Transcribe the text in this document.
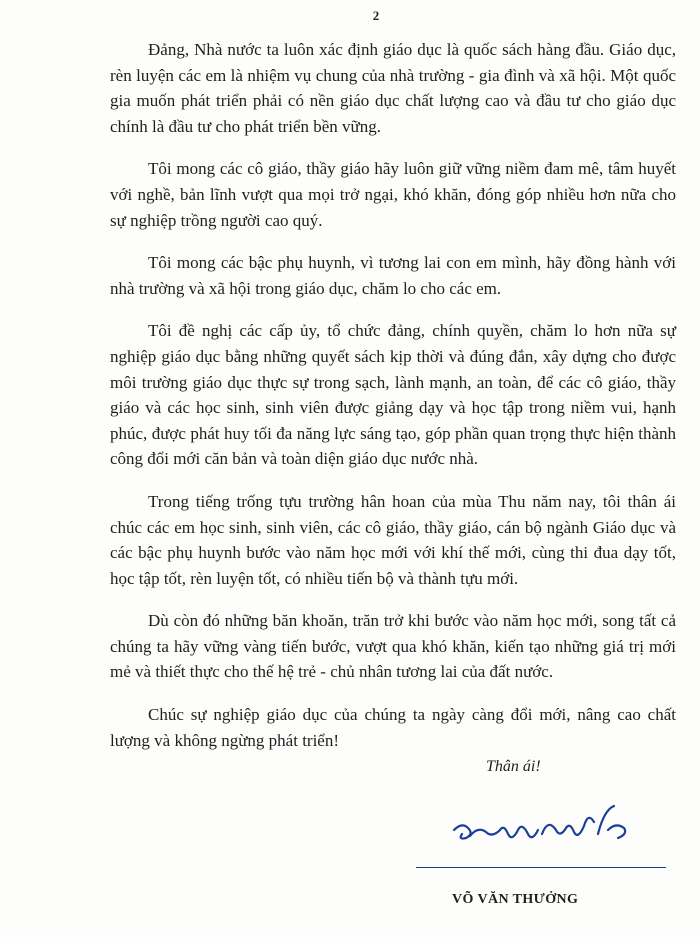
2

Đảng, Nhà nước ta luôn xác định giáo dục là quốc sách hàng đầu. Giáo dục, rèn luyện các em là nhiệm vụ chung của nhà trường - gia đình và xã hội. Một quốc gia muốn phát triển phải có nền giáo dục chất lượng cao và đầu tư cho giáo dục chính là đầu tư cho phát triển bền vững.

Tôi mong các cô giáo, thầy giáo hãy luôn giữ vững niềm đam mê, tâm huyết với nghề, bản lĩnh vượt qua mọi trở ngại, khó khăn, đóng góp nhiều hơn nữa cho sự nghiệp trồng người cao quý.

Tôi mong các bậc phụ huynh, vì tương lai con em mình, hãy đồng hành với nhà trường và xã hội trong giáo dục, chăm lo cho các em.

Tôi đề nghị các cấp ủy, tổ chức đảng, chính quyền, chăm lo hơn nữa sự nghiệp giáo dục bằng những quyết sách kịp thời và đúng đắn, xây dựng cho được môi trường giáo dục thực sự trong sạch, lành mạnh, an toàn, để các cô giáo, thầy giáo và các học sinh, sinh viên được giảng dạy và học tập trong niềm vui, hạnh phúc, được phát huy tối đa năng lực sáng tạo, góp phần quan trọng thực hiện thành công đổi mới căn bản và toàn diện giáo dục nước nhà.

Trong tiếng trống tựu trường hân hoan của mùa Thu năm nay, tôi thân ái chúc các em học sinh, sinh viên, các cô giáo, thầy giáo, cán bộ ngành Giáo dục và các bậc phụ huynh bước vào năm học mới với khí thế mới, cùng thi đua dạy tốt, học tập tốt, rèn luyện tốt, có nhiều tiến bộ và thành tựu mới.

Dù còn đó những băn khoăn, trăn trở khi bước vào năm học mới, song tất cả chúng ta hãy vững vàng tiến bước, vượt qua khó khăn, kiến tạo những giá trị mới mẻ và thiết thực cho thế hệ trẻ - chủ nhân tương lai của đất nước.

Chúc sự nghiệp giáo dục của chúng ta ngày càng đổi mới, nâng cao chất lượng và không ngừng phát triển!

Thân ái!
VÕ VĂN THƯỞNG
